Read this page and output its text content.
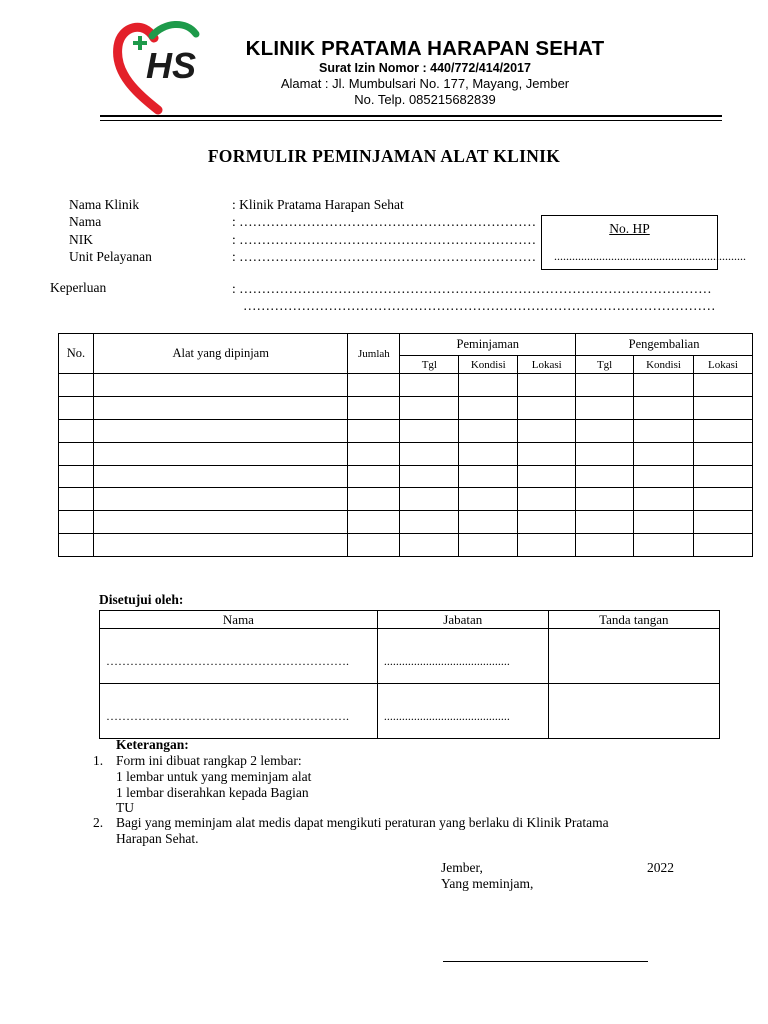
HS	KLINIK PRATAMA HARAPAN SEHAT
Surat Izin Nomor : 440/772/414/2017
Alamat : Jl. Mumbulsari No. 177, Mayang, Jember
No. Telp. 085215682839
FORMULIR PEMINJAMAN ALAT KLINIK
Nama Klinik	: Klinik Pratama Harapan Sehat
Nama	: …………………………………………………………
NIK	: …………………………………………………………
Unit Pelayanan	: …………………………………………………………
No. HP
................................................................
Keperluan	: ……………………………………………………………………………………………
……………………………………………………………………………………………
No.	Alat yang dipinjam	Jumlah	Peminjaman			Pengembalian		
			Tgl	Kondisi	Lokasi	Tgl	Kondisi	Lokasi

Disetujui oleh:
Nama	Jabatan	Tanda tangan
…………………………………………………….	..........................................	
…………………………………………………….	..........................................	
Keterangan:
1. Form ini dibuat rangkap 2 lembar:
1 lembar untuk yang meminjam alat
1 lembar diserahkan kepada Bagian
TU
2. Bagi yang meminjam alat medis dapat mengikuti peraturan yang berlaku di Klinik Pratama
Harapan Sehat.
Jember,	2022
Yang meminjam,
